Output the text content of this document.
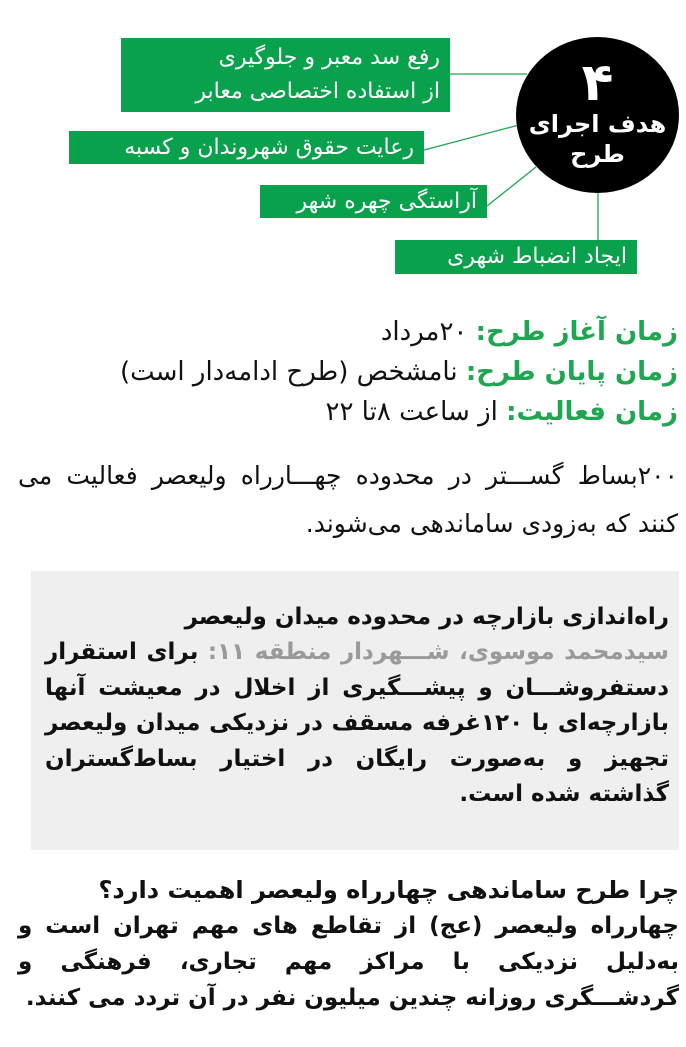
رفع سد معبر و جلوگیری
از استفاده اختصاصی معابر
رعایت حقوق شهروندان و کسبه
آراستگی چهره شهر
ایجاد انضباط شهری
۴
هدف اجرای
طرح
زمان آغاز طرح: ۲۰مرداد
زمان پایان طرح: نامشخص (طرح ادامه‌دار است)
زمان فعالیت: از ساعت ۸تا ۲۲

۲۰۰بساط گســـتر در محدوده چهـــارراه ولیعصر فعالیت می کنند که به‌زودی ساماندهی می‌شوند.

راه‌اندازی بازارچه در محدوده میدان ولیعصر

سیدمحمد موسوی، شـــهردار منطقه ۱۱: برای استقرار دستفروشـــان و پیشـــگیری از اخلال در معیشت آنها بازارچه‌ای با ۱۲۰غرفه مسقف در نزدیکی میدان ولیعصر تجهیز و به‌صورت رایگان در اختیار بساط‌گستران گذاشته شده است.

چرا طرح ساماندهی چهارراه ولیعصر اهمیت دارد؟

چهارراه ولیعصر (عج) از تقاطع های مهم تهران است و به‌دلیل نزدیکی با مراکز مهم تجاری، فرهنگی و گردشـــگری روزانه چندین میلیون نفر در آن تردد می کنند.
